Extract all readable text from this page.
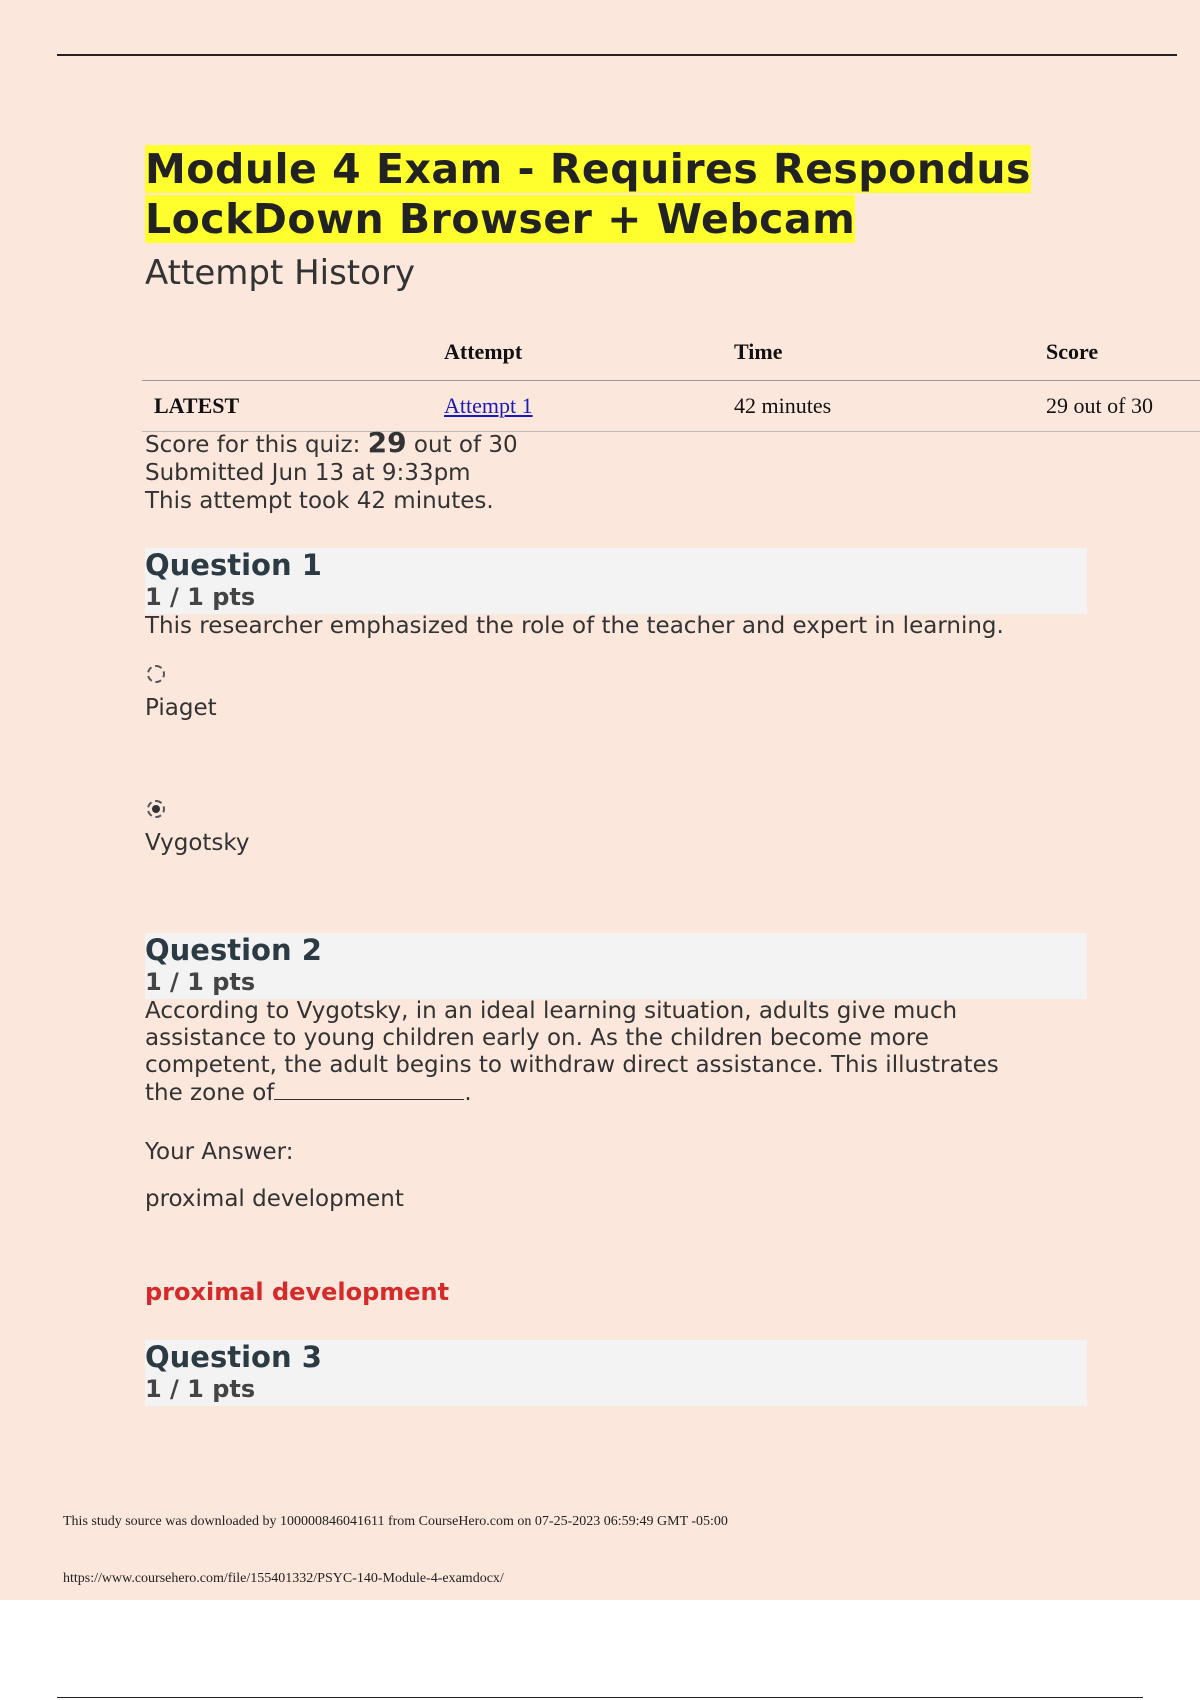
Module 4 Exam - Requires Respondus
LockDown Browser + Webcam
Attempt History
	Attempt	Time	Score
LATEST	Attempt 1	42 minutes	29 out of 30
Score for this quiz: 29 out of 30
Submitted Jun 13 at 9:33pm
This attempt took 42 minutes.
Question 1
1 / 1 pts
This researcher emphasized the role of the teacher and expert in learning.
Piaget
Vygotsky
Question 2
1 / 1 pts
According to Vygotsky, in an ideal learning situation, adults give much
assistance to young children early on. As the children become more
competent, the adult begins to withdraw direct assistance. This illustrates
the zone of	.
Your Answer:
proximal development
proximal development
Question 3
1 / 1 pts
This study source was downloaded by 100000846041611 from CourseHero.com on 07-25-2023 06:59:49 GMT -05:00
https://www.coursehero.com/file/155401332/PSYC-140-Module-4-examdocx/
